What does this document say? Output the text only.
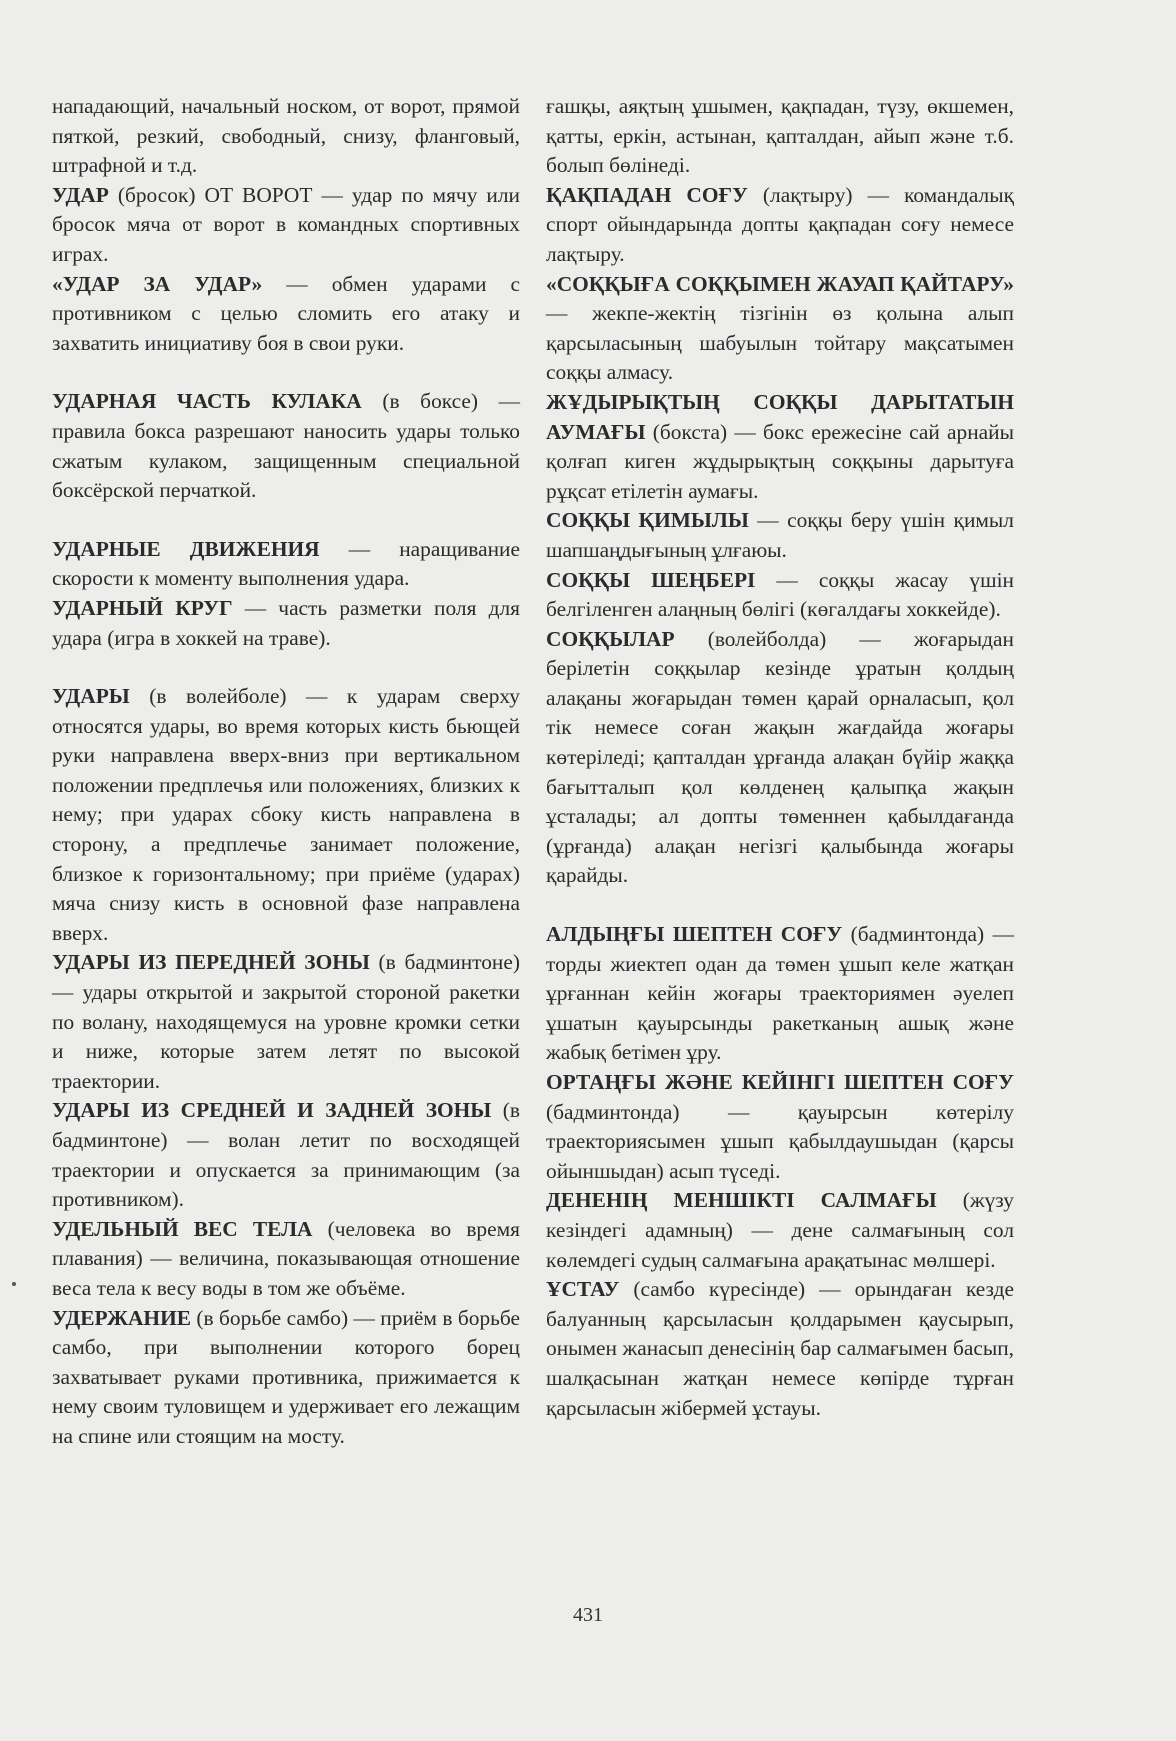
нападающий, начальный носком, от ворот, прямой пяткой, резкий, свободный, снизу, фланговый, штрафной и т.д.

УДАР (бросок) ОТ ВОРОТ — удар по мячу или бросок мяча от ворот в командных спортивных играх.

«УДАР ЗА УДАР» — обмен ударами с противником с целью сломить его атаку и захватить инициативу боя в свои руки.

УДАРНАЯ ЧАСТЬ КУЛАКА (в боксе) — правила бокса разрешают наносить удары только сжатым кулаком, защищенным специальной боксёрской перчаткой.

УДАРНЫЕ ДВИЖЕНИЯ — наращивание скорости к моменту выполнения удара.

УДАРНЫЙ КРУГ — часть разметки поля для удара (игра в хоккей на траве).

УДАРЫ (в волейболе) — к ударам сверху относятся удары, во время которых кисть бьющей руки направлена вверх-вниз при вертикальном положении предплечья или положениях, близких к нему; при ударах сбоку кисть направлена в сторону, а предплечье занимает положение, близкое к горизонтальному; при приёме (ударах) мяча снизу кисть в основной фазе направлена вверх.

УДАРЫ ИЗ ПЕРЕДНЕЙ ЗОНЫ (в бадминтоне) — удары открытой и закрытой стороной ракетки по волану, находящемуся на уровне кромки сетки и ниже, которые затем летят по высокой траектории.

УДАРЫ ИЗ СРЕДНЕЙ И ЗАДНЕЙ ЗОНЫ (в бадминтоне) — волан летит по восходящей траектории и опускается за принимающим (за противником).

УДЕЛЬНЫЙ ВЕС ТЕЛА (человека во время плавания) — величина, показывающая отношение веса тела к весу воды в том же объёме.

УДЕРЖАНИЕ (в борьбе самбо) — приём в борьбе самбо, при выполнении которого борец захватывает руками противника, прижимается к нему своим туловищем и удерживает его лежащим на спине или стоящим на мосту.

ғашқы, аяқтың ұшымен, қақпадан, түзу, өкшемен, қатты, еркін, астынан, қапталдан, айып және т.б. болып бөлінеді.

ҚАҚПАДАН СОҒУ (лақтыру) — командалық спорт ойындарында допты қақпадан соғу немесе лақтыру.

«СОҚҚЫҒА СОҚҚЫМЕН ЖАУАП ҚАЙТАРУ» — жекпе-жектің тізгінін өз қолына алып қарсыласының шабуылын тойтару мақсатымен соққы алмасу.

ЖҰДЫРЫҚТЫҢ СОҚҚЫ ДАРЫТАТЫН АУМАҒЫ (бокста) — бокс ережесіне сай арнайы қолғап киген жұдырықтың соққыны дарытуға рұқсат етілетін аумағы.

СОҚҚЫ ҚИМЫЛЫ — соққы беру үшін қимыл шапшаңдығының ұлғаюы.

СОҚҚЫ ШЕҢБЕРІ — соққы жасау үшін белгіленген алаңның бөлігі (көгалдағы хоккейде).

СОҚҚЫЛАР (волейболда) — жоғарыдан берілетін соққылар кезінде ұратын қолдың алақаны жоғарыдан төмен қарай орналасып, қол тік немесе соған жақын жағдайда жоғары көтеріледі; қапталдан ұрғанда алақан бүйір жаққа бағытталып қол көлденең қалыпқа жақын ұсталады; ал допты төменнен қабылдағанда (ұрғанда) алақан негізгі қалыбында жоғары қарайды.

АЛДЫҢҒЫ ШЕПТЕН СОҒУ (бадминтонда) — торды жиектеп одан да төмен ұшып келе жатқан ұрғаннан кейін жоғары траекториямен әуелеп ұшатын қауырсынды ракетканың ашық және жабық бетімен ұру.

ОРТАҢҒЫ ЖӘНЕ КЕЙІНГІ ШЕПТЕН СОҒУ (бадминтонда) — қауырсын көтерілу траекториясымен ұшып қабылдаушыдан (қарсы ойыншыдан) асып түседі.

ДЕНЕНІҢ МЕНШІКТІ САЛМАҒЫ (жүзу кезіндегі адамның) — дене салмағының сол көлемдегі судың салмағына арақатынас мөлшері.

ҰСТАУ (самбо күресінде) — орындаған кезде балуанның қарсыласын қолдарымен қаусырып, онымен жанасып денесінің бар салмағымен басып, шалқасынан жатқан немесе көпірде тұрған қарсыласын жібермей ұстауы.

431
